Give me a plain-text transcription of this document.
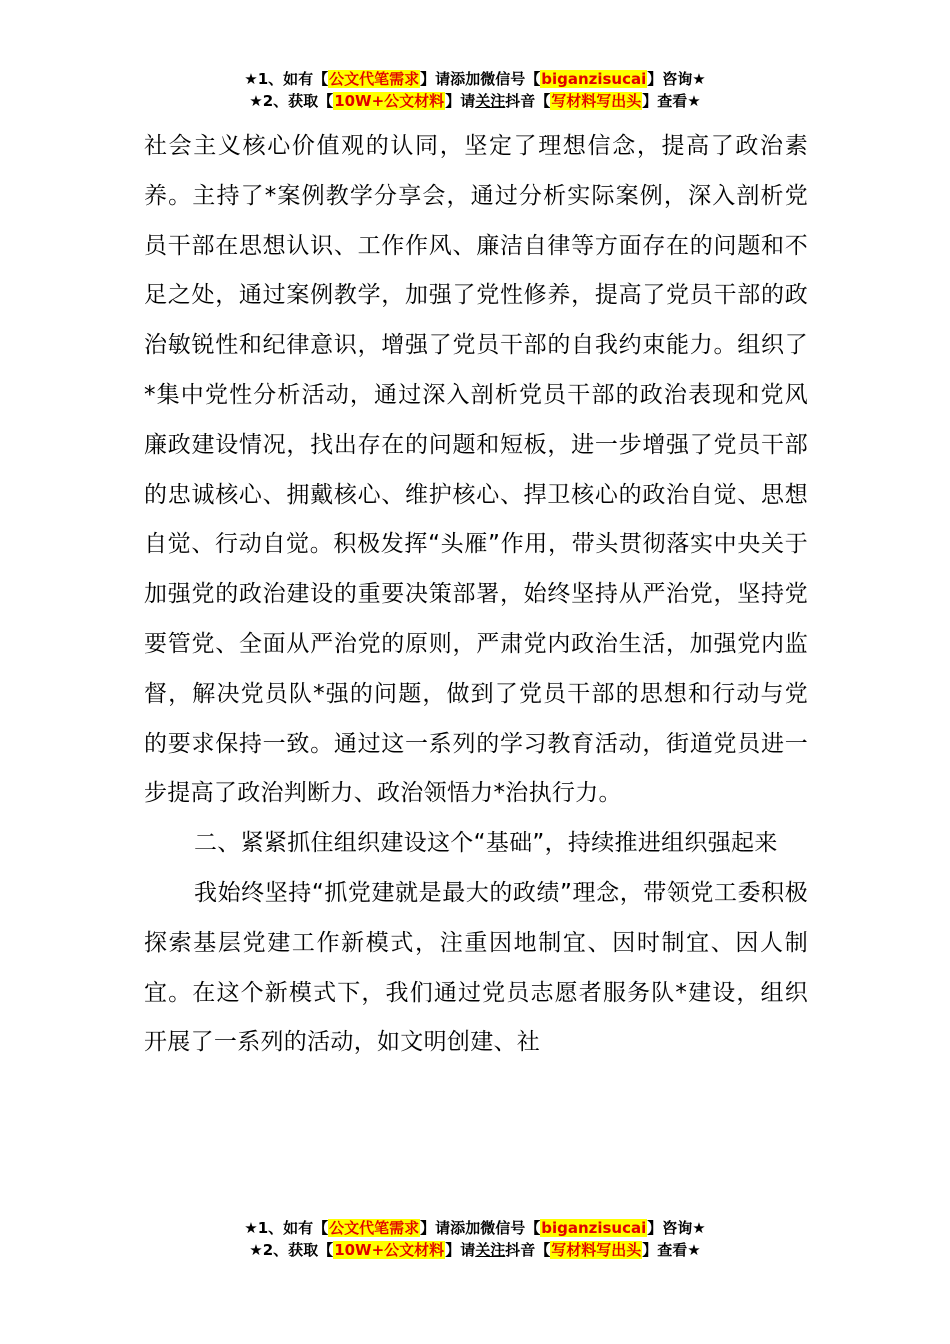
★1、如有【公文代笔需求】请添加微信号【biganzisucai】咨询★
★2、获取【10W+公文材料】请关注抖音【写材料写出头】查看★

社会主义核心价值观的认同，坚定了理想信念，提高了政治素养。主持了*案例教学分享会，通过分析实际案例，深入剖析党员干部在思想认识、工作作风、廉洁自律等方面存在的问题和不足之处，通过案例教学，加强了党性修养，提高了党员干部的政治敏锐性和纪律意识，增强了党员干部的自我约束能力。组织了*集中党性分析活动，通过深入剖析党员干部的政治表现和党风廉政建设情况，找出存在的问题和短板，进一步增强了党员干部的忠诚核心、拥戴核心、维护核心、捍卫核心的政治自觉、思想自觉、行动自觉。积极发挥“头雁”作用，带头贯彻落实中央关于加强党的政治建设的重要决策部署，始终坚持从严治党，坚持党要管党、全面从严治党的原则，严肃党内政治生活，加强党内监督，解决党员队*强的问题，做到了党员干部的思想和行动与党的要求保持一致。通过这一系列的学习教育活动，街道党员进一步提高了政治判断力、政治领悟力*治执行力。

二、紧紧抓住组织建设这个“基础”，持续推进组织强起来

我始终坚持“抓党建就是最大的政绩”理念，带领党工委积极探索基层党建工作新模式，注重因地制宜、因时制宜、因人制宜。在这个新模式下，我们通过党员志愿者服务队*建设，组织开展了一系列的活动，如文明创建、社

★1、如有【公文代笔需求】请添加微信号【biganzisucai】咨询★
★2、获取【10W+公文材料】请关注抖音【写材料写出头】查看★
